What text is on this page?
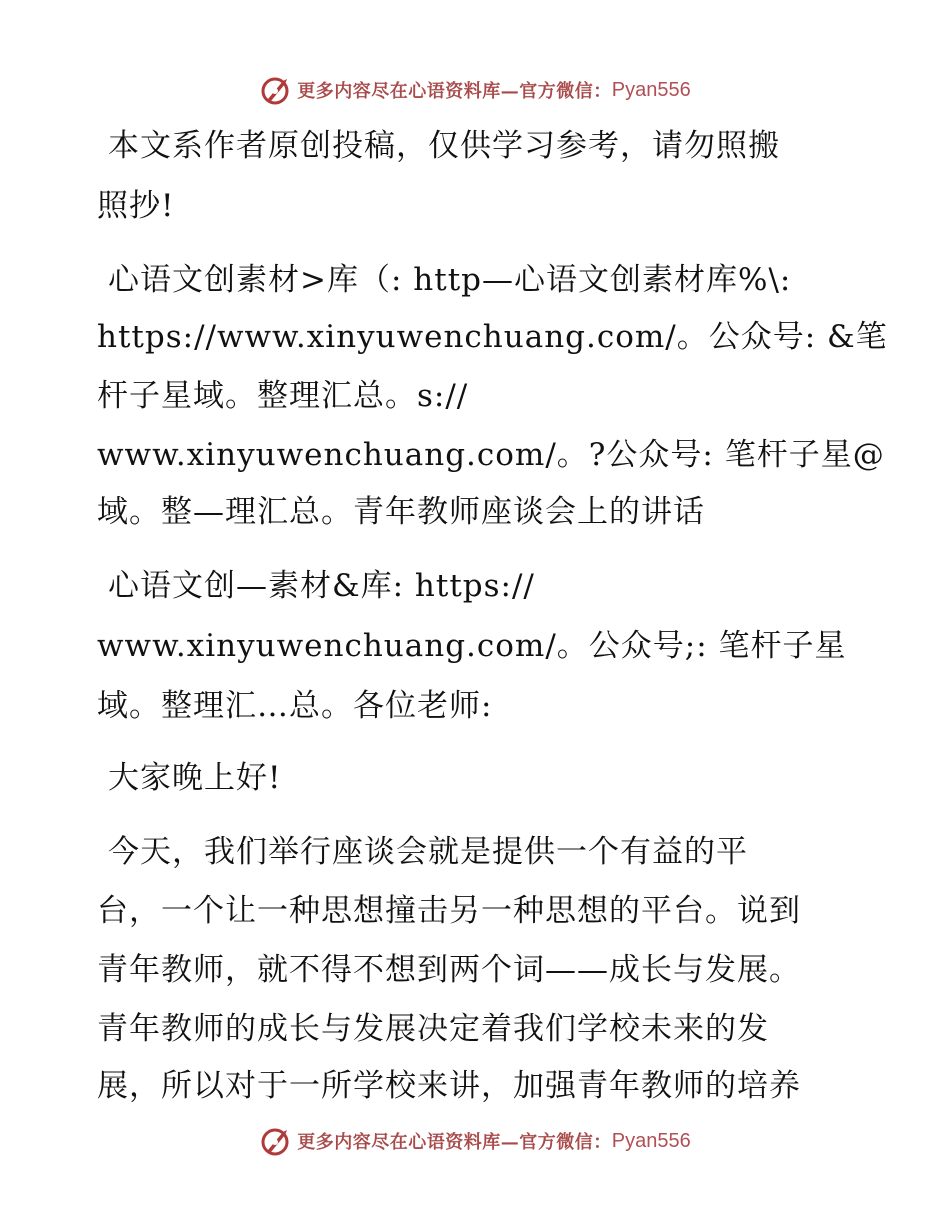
更多内容尽在心语资料库—官方微信： Pyan556
本文系作者原创投稿，仅供学习参考，请勿照搬
照抄!
心语文创素材>库（: http—心语文创素材库%\:
https://www.xinyuwenchuang.com/。公众号: &笔
杆子星域。整理汇总。s://
www.xinyuwenchuang.com/。?公众号: 笔杆子星@
域。整—理汇总。青年教师座谈会上的讲话
心语文创—素材&库: https://
www.xinyuwenchuang.com/。公众号;: 笔杆子星
域。整理汇…总。各位老师:
大家晚上好!
今天，我们举行座谈会就是提供一个有益的平
台，一个让一种思想撞击另一种思想的平台。说到
青年教师，就不得不想到两个词——成长与发展。
青年教师的成长与发展决定着我们学校未来的发
展，所以对于一所学校来讲，加强青年教师的培养
更多内容尽在心语资料库—官方微信： Pyan556
